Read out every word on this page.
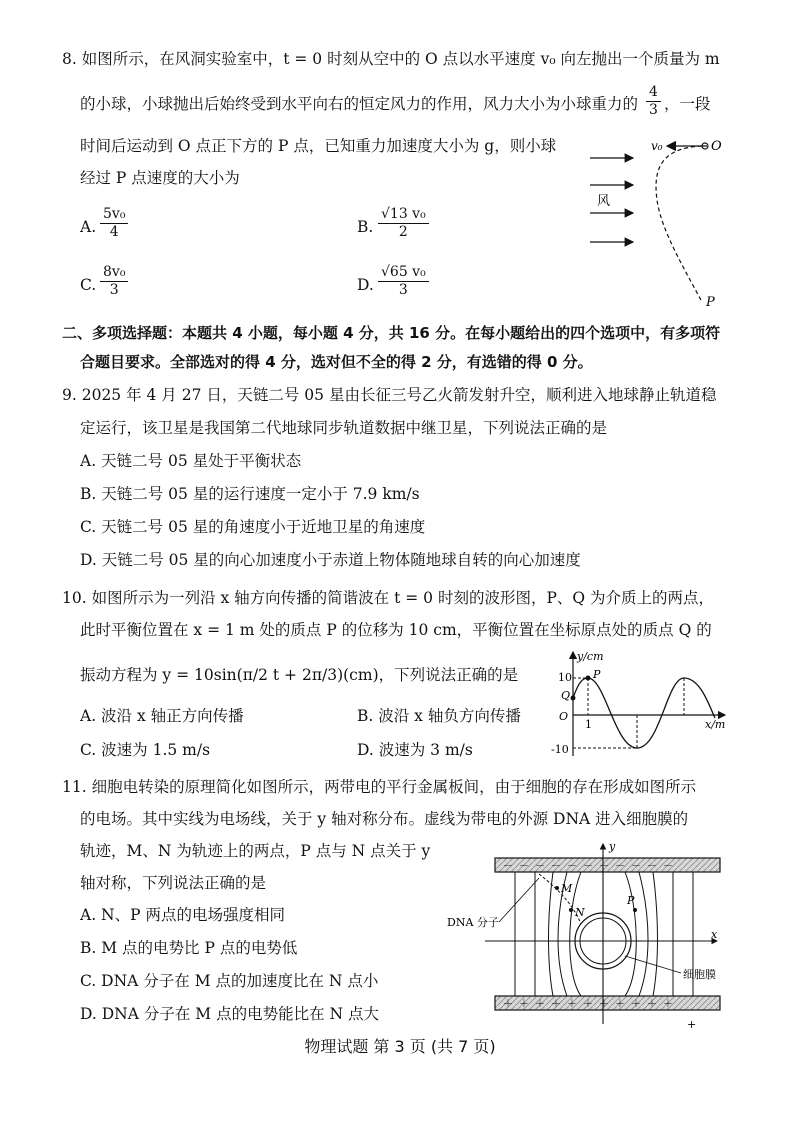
8. 如图所示，在风洞实验室中，t = 0 时刻从空中的 O 点以水平速度 v₀ 向左抛出一个质量为 m
的小球，小球抛出后始终受到水平向右的恒定风力的作用，风力大小为小球重力的 $\frac{4}{3}$ ，一段
时间后运动到 O 点正下方的 P 点，已知重力加速度大小为 g，则小球
经过 P 点速度的大小为
A. $\frac{\text{5v₀}}{4}$	B. $\frac{\text{√13 v₀}}{2}$
C. $\frac{\text{8v₀}}{3}$	D. $\frac{\text{√65 v₀}}{3}$
v₀	O
风
P
二、多项选择题：本题共 4 小题，每小题 4 分，共 16 分。在每小题给出的四个选项中，有多项符
合题目要求。全部选对的得 4 分，选对但不全的得 2 分，有选错的得 0 分。
9. 2025 年 4 月 27 日，天链二号 05 星由长征三号乙火箭发射升空，顺利进入地球静止轨道稳
定运行，该卫星是我国第二代地球同步轨道数据中继卫星，下列说法正确的是
A. 天链二号 05 星处于平衡状态
B. 天链二号 05 星的运行速度一定小于 7.9 km/s
C. 天链二号 05 星的角速度小于近地卫星的角速度
D. 天链二号 05 星的向心加速度小于赤道上物体随地球自转的向心加速度
10. 如图所示为一列沿 x 轴方向传播的简谐波在 t = 0 时刻的波形图，P、Q 为介质上的两点，
此时平衡位置在 x = 1 m 处的质点 P 的位移为 10 cm，平衡位置在坐标原点处的质点 Q 的
振动方程为 y = 10sin(π/2 t + 2π/3)(cm)，下列说法正确的是
A. 波沿 x 轴正方向传播	B. 波沿 x 轴负方向传播
C. 波速为 1.5 m/s	D. 波速为 3 m/s
y/cm
x/m
10
-10
O
1
Q
P
11. 细胞电转染的原理简化如图所示，两带电的平行金属板间，由于细胞的存在形成如图所示
的电场。其中实线为电场线，关于 y 轴对称分布。虚线为带电的外源 DNA 进入细胞膜的
轨迹，M、N 为轨迹上的两点，P 点与 N 点关于 y
轴对称，下列说法正确的是
A. N、P 两点的电场强度相同
B. M 点的电势比 P 点的电势低
C. DNA 分子在 M 点的加速度比在 N 点小
D. DNA 分子在 M 点的电势能比在 N 点大
－－－－－－－－－－－
＋＋＋＋＋＋＋＋＋＋＋
y
x
M
N
P
DNA 分子
细胞膜
+
物理试题 第 3 页 (共 7 页)
